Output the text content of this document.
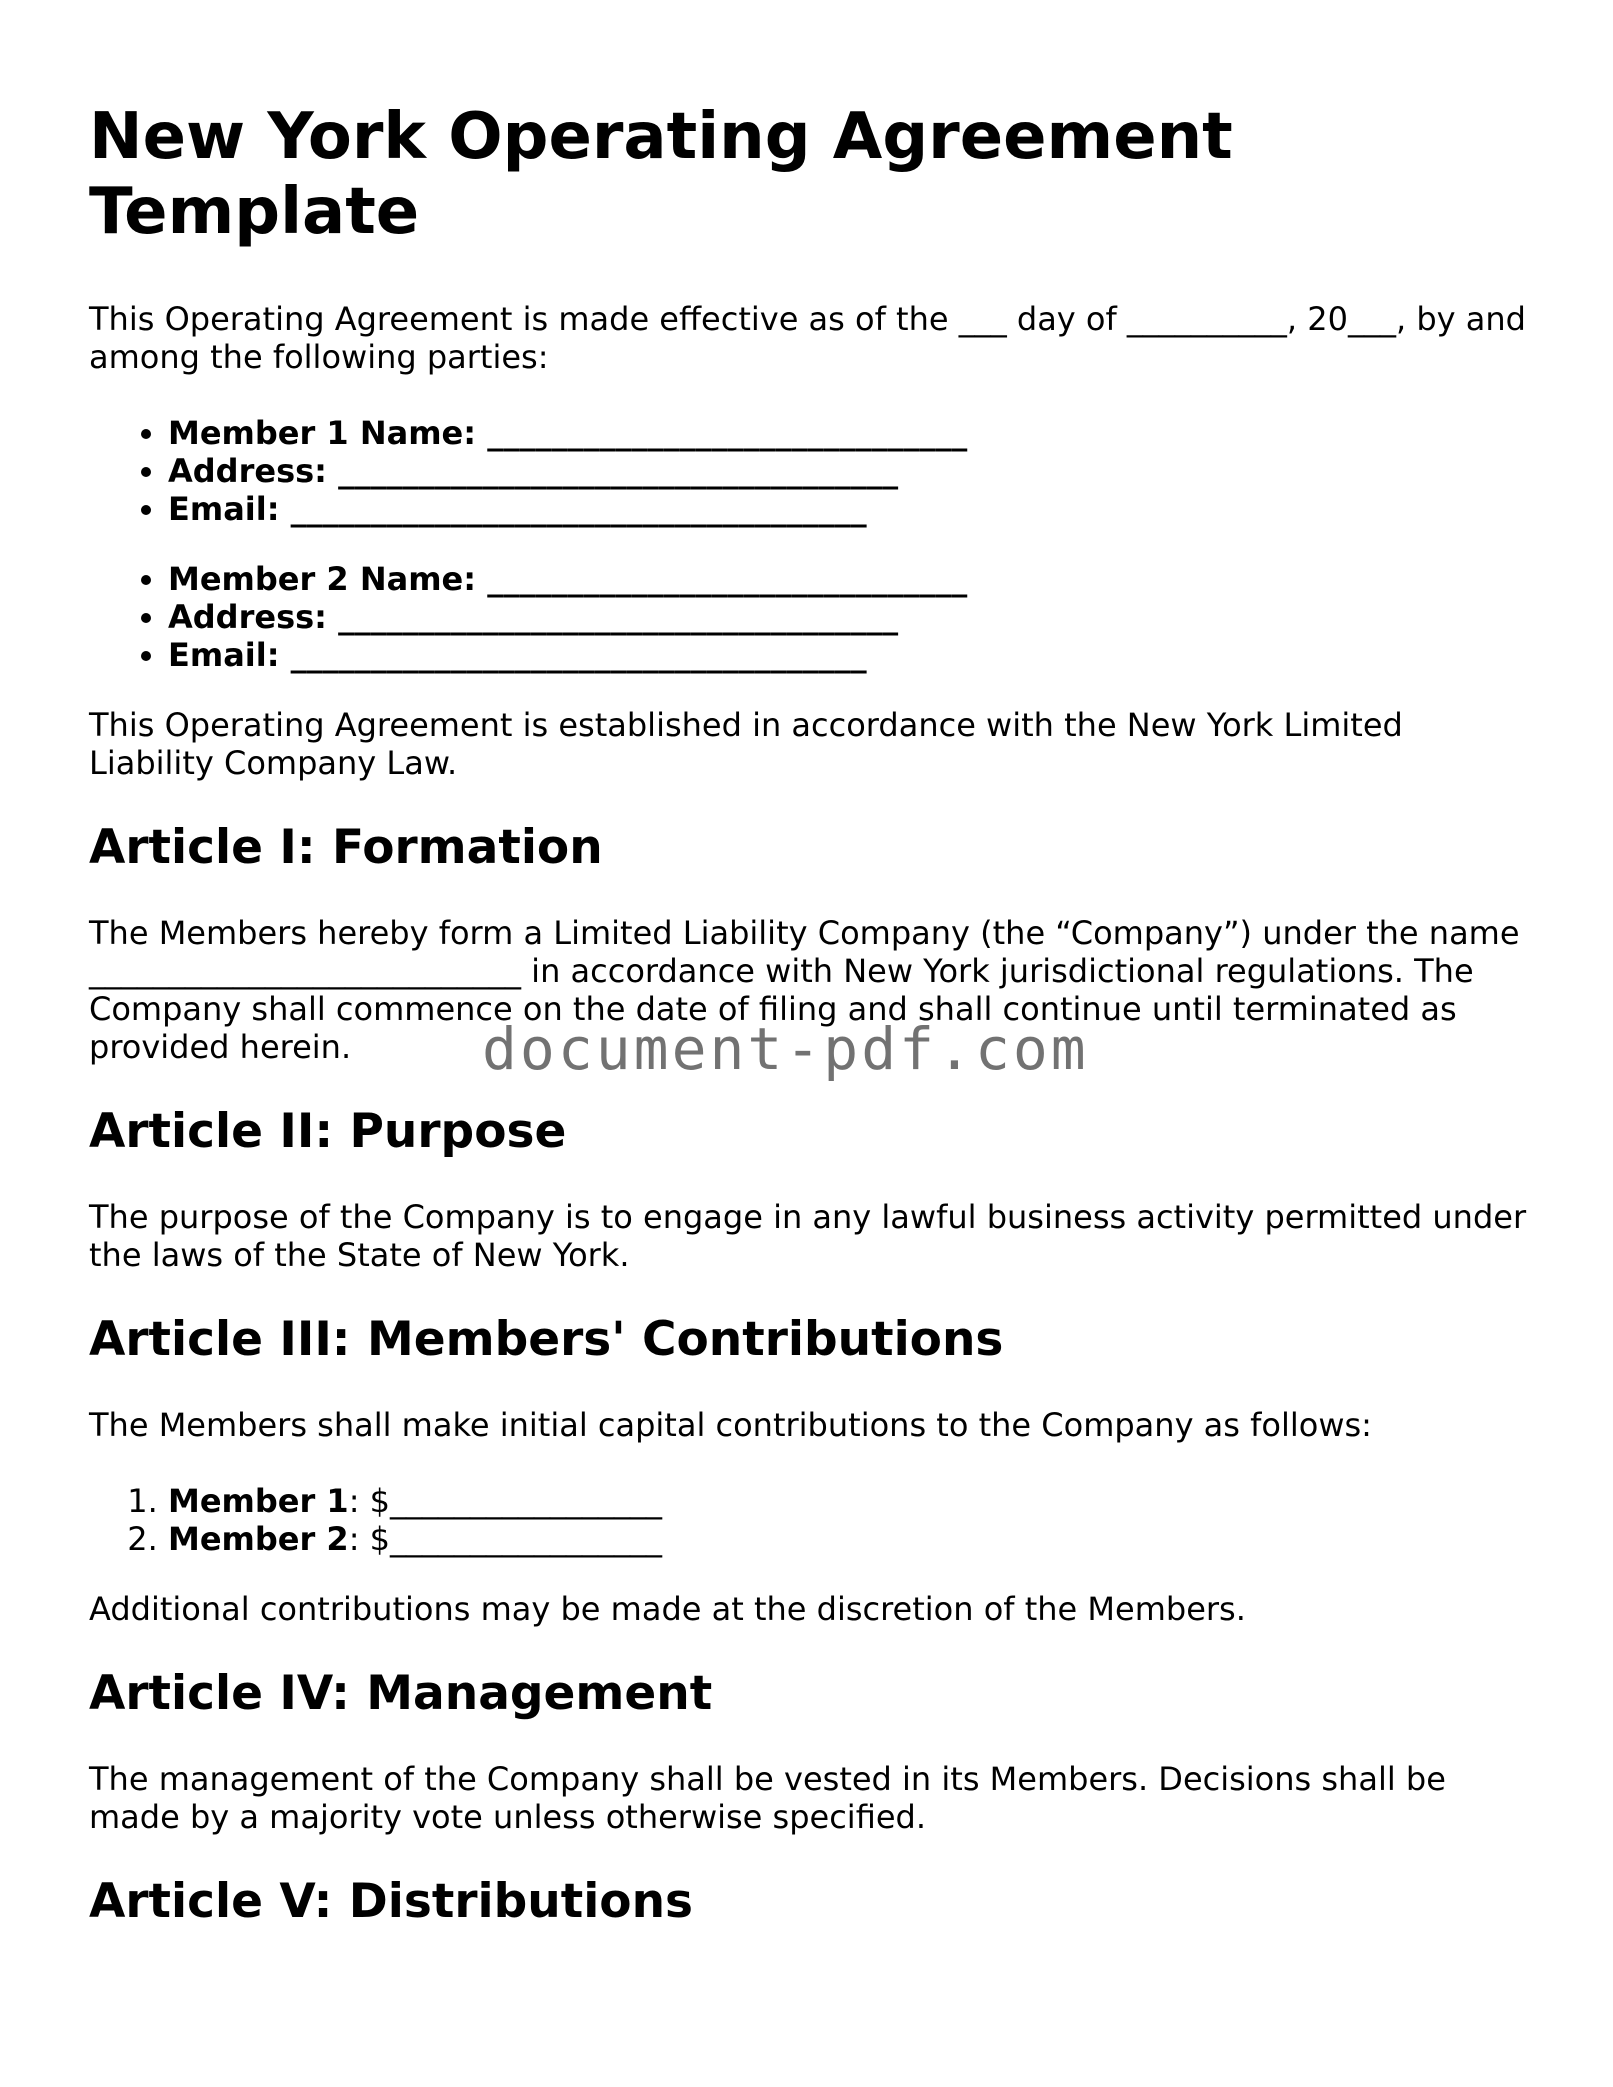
New York Operating Agreement Template

This Operating Agreement is made effective as of the ___ day of __________, 20___, by and among the following parties:

• Member 1 Name: ______________________________
• Address: ___________________________________
• Email: ____________________________________
• Member 2 Name: ______________________________
• Address: ___________________________________
• Email: ____________________________________

This Operating Agreement is established in accordance with the New York Limited Liability Company Law.

Article I: Formation

The Members hereby form a Limited Liability Company (the “Company”) under the name ___________________________ in accordance with New York jurisdictional regulations. The Company shall commence on the date of filing and shall continue until terminated as provided herein.

Article II: Purpose

The purpose of the Company is to engage in any lawful business activity permitted under the laws of the State of New York.

Article III: Members' Contributions

The Members shall make initial capital contributions to the Company as follows:

1. Member 1: $_________________
2. Member 2: $_________________

Additional contributions may be made at the discretion of the Members.

Article IV: Management

The management of the Company shall be vested in its Members. Decisions shall be made by a majority vote unless otherwise specified.

Article V: Distributions
document-pdf.com
